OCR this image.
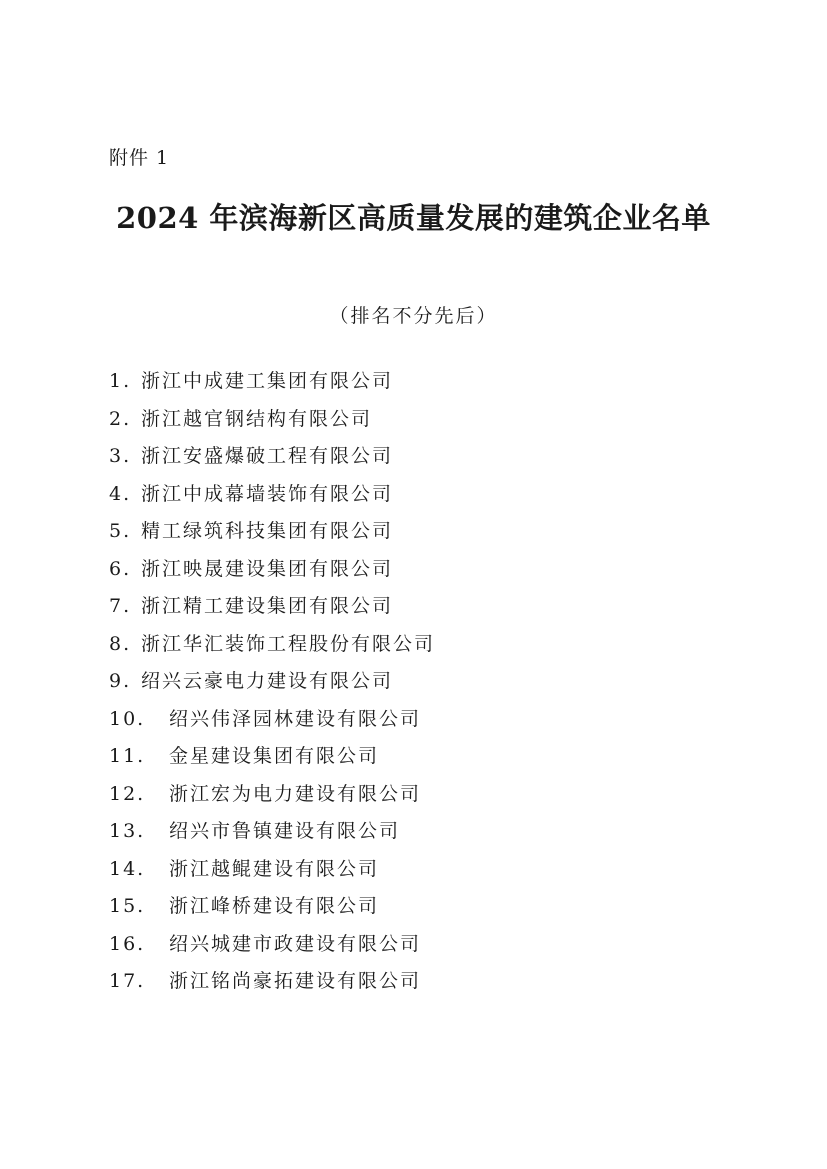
附件 1
2024 年滨海新区高质量发展的建筑企业名单
（排名不分先后）
1. 浙江中成建工集团有限公司
2. 浙江越官钢结构有限公司
3. 浙江安盛爆破工程有限公司
4. 浙江中成幕墙装饰有限公司
5. 精工绿筑科技集团有限公司
6. 浙江映晟建设集团有限公司
7. 浙江精工建设集团有限公司
8. 浙江华汇装饰工程股份有限公司
9. 绍兴云豪电力建设有限公司
10.	绍兴伟泽园林建设有限公司
11.	金星建设集团有限公司
12.	浙江宏为电力建设有限公司
13.	绍兴市鲁镇建设有限公司
14.	浙江越鲲建设有限公司
15.	浙江峰桥建设有限公司
16.	绍兴城建市政建设有限公司
17.	浙江铭尚豪拓建设有限公司
